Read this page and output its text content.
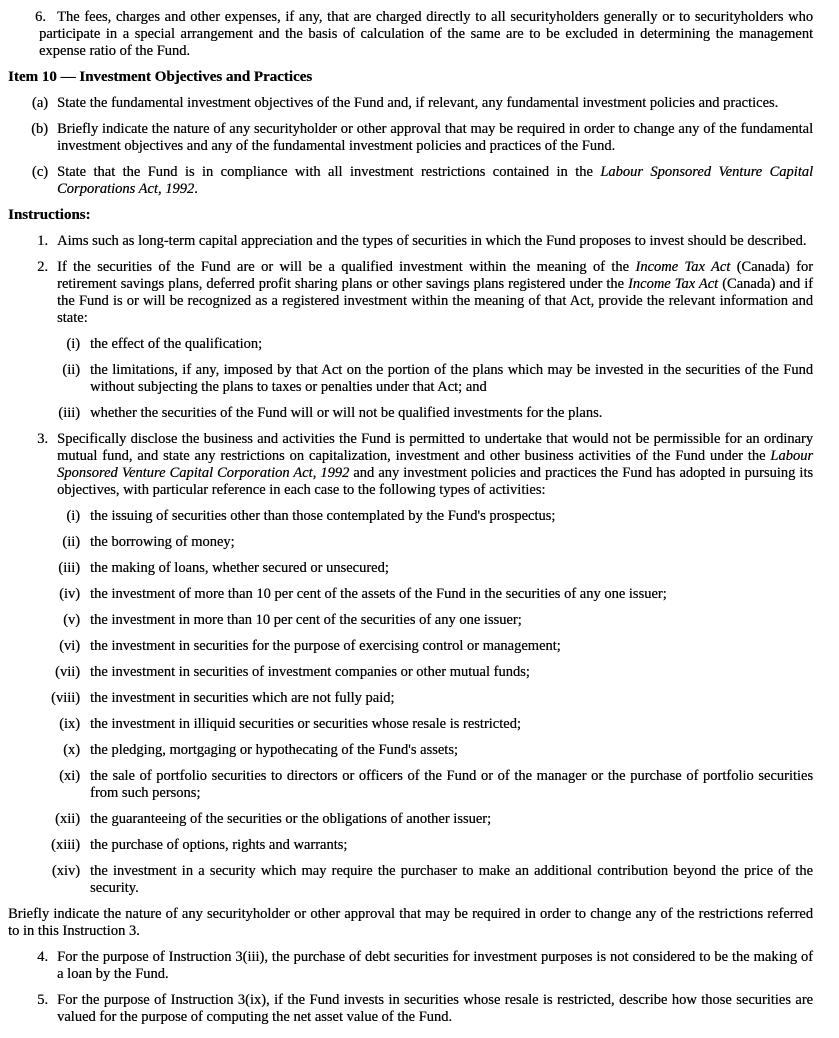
6. The fees, charges and other expenses, if any, that are charged directly to all securityholders generally or to securityholders who participate in a special arrangement and the basis of calculation of the same are to be excluded in determining the management expense ratio of the Fund.
Item 10 — Investment Objectives and Practices
(a) State the fundamental investment objectives of the Fund and, if relevant, any fundamental investment policies and practices.
(b) Briefly indicate the nature of any securityholder or other approval that may be required in order to change any of the fundamental investment objectives and any of the fundamental investment policies and practices of the Fund.
(c) State that the Fund is in compliance with all investment restrictions contained in the Labour Sponsored Venture Capital Corporations Act, 1992.
Instructions:
1. Aims such as long-term capital appreciation and the types of securities in which the Fund proposes to invest should be described.
2. If the securities of the Fund are or will be a qualified investment within the meaning of the Income Tax Act (Canada) for retirement savings plans, deferred profit sharing plans or other savings plans registered under the Income Tax Act (Canada) and if the Fund is or will be recognized as a registered investment within the meaning of that Act, provide the relevant information and state:
(i) the effect of the qualification;
(ii) the limitations, if any, imposed by that Act on the portion of the plans which may be invested in the securities of the Fund without subjecting the plans to taxes or penalties under that Act; and
(iii) whether the securities of the Fund will or will not be qualified investments for the plans.
3. Specifically disclose the business and activities the Fund is permitted to undertake that would not be permissible for an ordinary mutual fund, and state any restrictions on capitalization, investment and other business activities of the Fund under the Labour Sponsored Venture Capital Corporation Act, 1992 and any investment policies and practices the Fund has adopted in pursuing its objectives, with particular reference in each case to the following types of activities:
(i) the issuing of securities other than those contemplated by the Fund's prospectus;
(ii) the borrowing of money;
(iii) the making of loans, whether secured or unsecured;
(iv) the investment of more than 10 per cent of the assets of the Fund in the securities of any one issuer;
(v) the investment in more than 10 per cent of the securities of any one issuer;
(vi) the investment in securities for the purpose of exercising control or management;
(vii) the investment in securities of investment companies or other mutual funds;
(viii) the investment in securities which are not fully paid;
(ix) the investment in illiquid securities or securities whose resale is restricted;
(x) the pledging, mortgaging or hypothecating of the Fund's assets;
(xi) the sale of portfolio securities to directors or officers of the Fund or of the manager or the purchase of portfolio securities from such persons;
(xii) the guaranteeing of the securities or the obligations of another issuer;
(xiii) the purchase of options, rights and warrants;
(xiv) the investment in a security which may require the purchaser to make an additional contribution beyond the price of the security.
Briefly indicate the nature of any securityholder or other approval that may be required in order to change any of the restrictions referred to in this Instruction 3.
4. For the purpose of Instruction 3(iii), the purchase of debt securities for investment purposes is not considered to be the making of a loan by the Fund.
5. For the purpose of Instruction 3(ix), if the Fund invests in securities whose resale is restricted, describe how those securities are valued for the purpose of computing the net asset value of the Fund.
